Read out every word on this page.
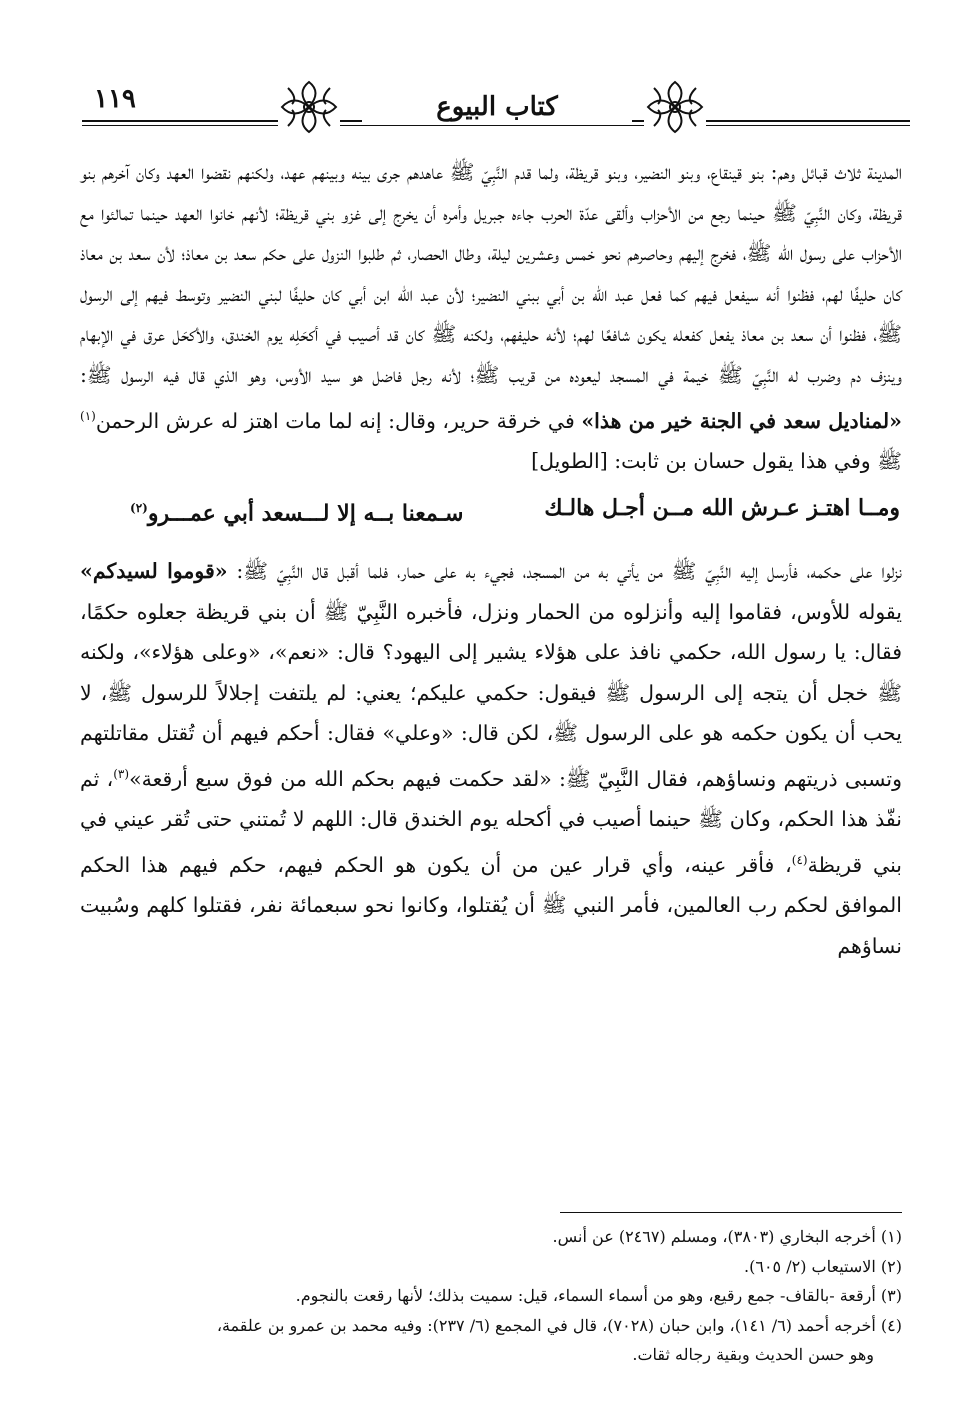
١١٩	كتاب البيوع

المدينة ثلاث قبائل وهم: بنو قينقاع، وبنو النضير، وبنو قريظة، ولما قدم النَّبِيّ ﷺ عاهدهم جرى بينه وبينهم عهد، ولكنهم نقضوا العهد وكان آخرهم بنو قريظة، وكان النَّبِيّ ﷺ حينما رجع من الأحزاب وألقى عدّة الحرب جاءه جبريل وأمره أن يخرج إلى غزو بني قريظة؛ لأنهم خانوا العهد حينما تمالئوا مع الأحزاب على رسول الله ﷺ، فخرج إليهم وحاصرهم نحو خمس وعشرين ليلة، وطال الحصار، ثم طلبوا النزول على حكم سعد بن معاذ؛ لأن سعد بن معاذ كان حليفًا لهم، فظنوا أنه سيفعل فيهم كما فعل عبد الله بن أبي ببني النضير؛ لأن عبد الله ابن أبي كان حليفًا لبني النضير وتوسط فيهم إلى الرسول ﷺ، فظنوا أن سعد بن معاذ يفعل كفعله يكون شافعًا لهم؛ لأنه حليفهم، ولكنه ﷺ كان قد أصيب في أكحَلِه يوم الخندق، والأكحَل عرق في الإبهام وينزف دم وضرب له النَّبِيّ ﷺ خيمة في المسجد ليعوده من قريب ﷺ؛ لأنه رجل فاضل هو سيد الأوس، وهو الذي قال فيه الرسول ﷺ: «لمناديل سعد في الجنة خير من هذا» في خرقة حرير، وقال: إنه لما مات اهتز له عرش الرحمن$^{(١)}$ ﷺ وفي هذا يقول حسان بن ثابت: [الطويل]

ومــا اهتـز عـرش الله مــن أجـل هالـك
سـمعنا بــه إلا لـــسعد أبي عمـــرو$^{(٢)}$

نزلوا على حكمه، فأرسل إليه النَّبِيّ ﷺ من يأتي به من المسجد، فجيء به على حمار، فلما أقبل قال النَّبِيّ ﷺ: «قوموا لسيدكم» يقوله للأوس، فقاموا إليه وأنزلوه من الحمار ونزل، فأخبره النَّبِيّ ﷺ أن بني قريظة جعلوه حكمًا، فقال: يا رسول الله، حكمي نافذ على هؤلاء يشير إلى اليهود؟ قال: «نعم»، «وعلى هؤلاء»، ولكنه ﷺ خجل أن يتجه إلى الرسول ﷺ فيقول: حكمي عليكم؛ يعني: لم يلتفت إجلالاً للرسول ﷺ، لا يحب أن يكون حكمه هو على الرسول ﷺ، لكن قال: «وعلي» فقال: أحكم فيهم أن تُقتل مقاتلتهم وتسبى ذريتهم ونساؤهم، فقال النَّبِيّ ﷺ: «لقد حكمت فيهم بحكم الله من فوق سبع أرقعة»$^{(٣)}$، ثم نفّذ هذا الحكم، وكان ﷺ حينما أصيب في أكحله يوم الخندق قال: اللهم لا تُمتني حتى تُقر عيني في بني قريظة$^{(٤)}$، فأقر عينه، وأي قرار عين من أن يكون هو الحكم فيهم، حكم فيهم هذا الحكم الموافق لحكم رب العالمين، فأمر النبي ﷺ أن يُقتلوا، وكانوا نحو سبعمائة نفر، فقتلوا كلهم وسُبيت نساؤهم

(١) أخرجه البخاري (٣٨٠٣)، ومسلم (٢٤٦٧) عن أنس.

(٢) الاستيعاب (٢/ ٦٠٥).

(٣) أرقعة -بالقاف- جمع رقيع، وهو من أسماء السماء، قيل: سميت بذلك؛ لأنها رقعت بالنجوم.

(٤) أخرجه أحمد (٦/ ١٤١)، وابن حبان (٧٠٢٨)، قال في المجمع (٦/ ٢٣٧): وفيه محمد بن عمرو بن علقمة،

وهو حسن الحديث وبقية رجاله ثقات.
